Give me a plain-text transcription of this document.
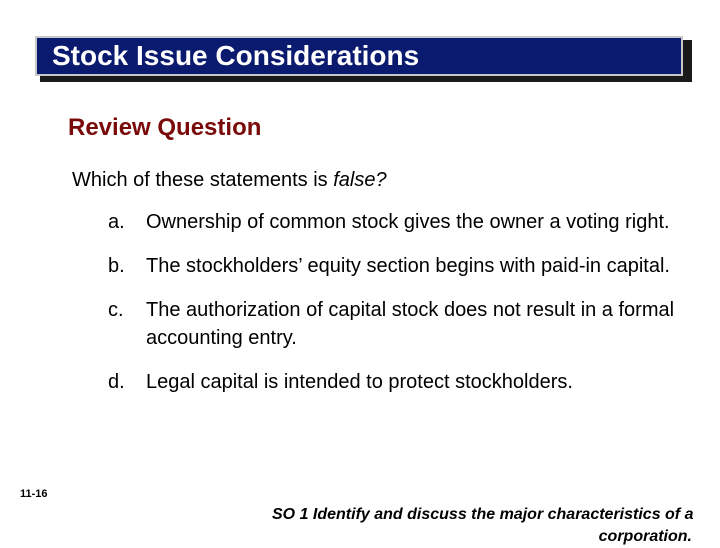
Stock Issue Considerations
Review Question
Which of these statements is false?
a.	Ownership of common stock gives the owner a voting right.
b.	The stockholders’ equity section begins with paid-in capital.
c.	The authorization of capital stock does not result in a formal accounting entry.
d.	Legal capital is intended to protect stockholders.
11-16
SO 1 Identify and discuss the major characteristics of a
corporation.
